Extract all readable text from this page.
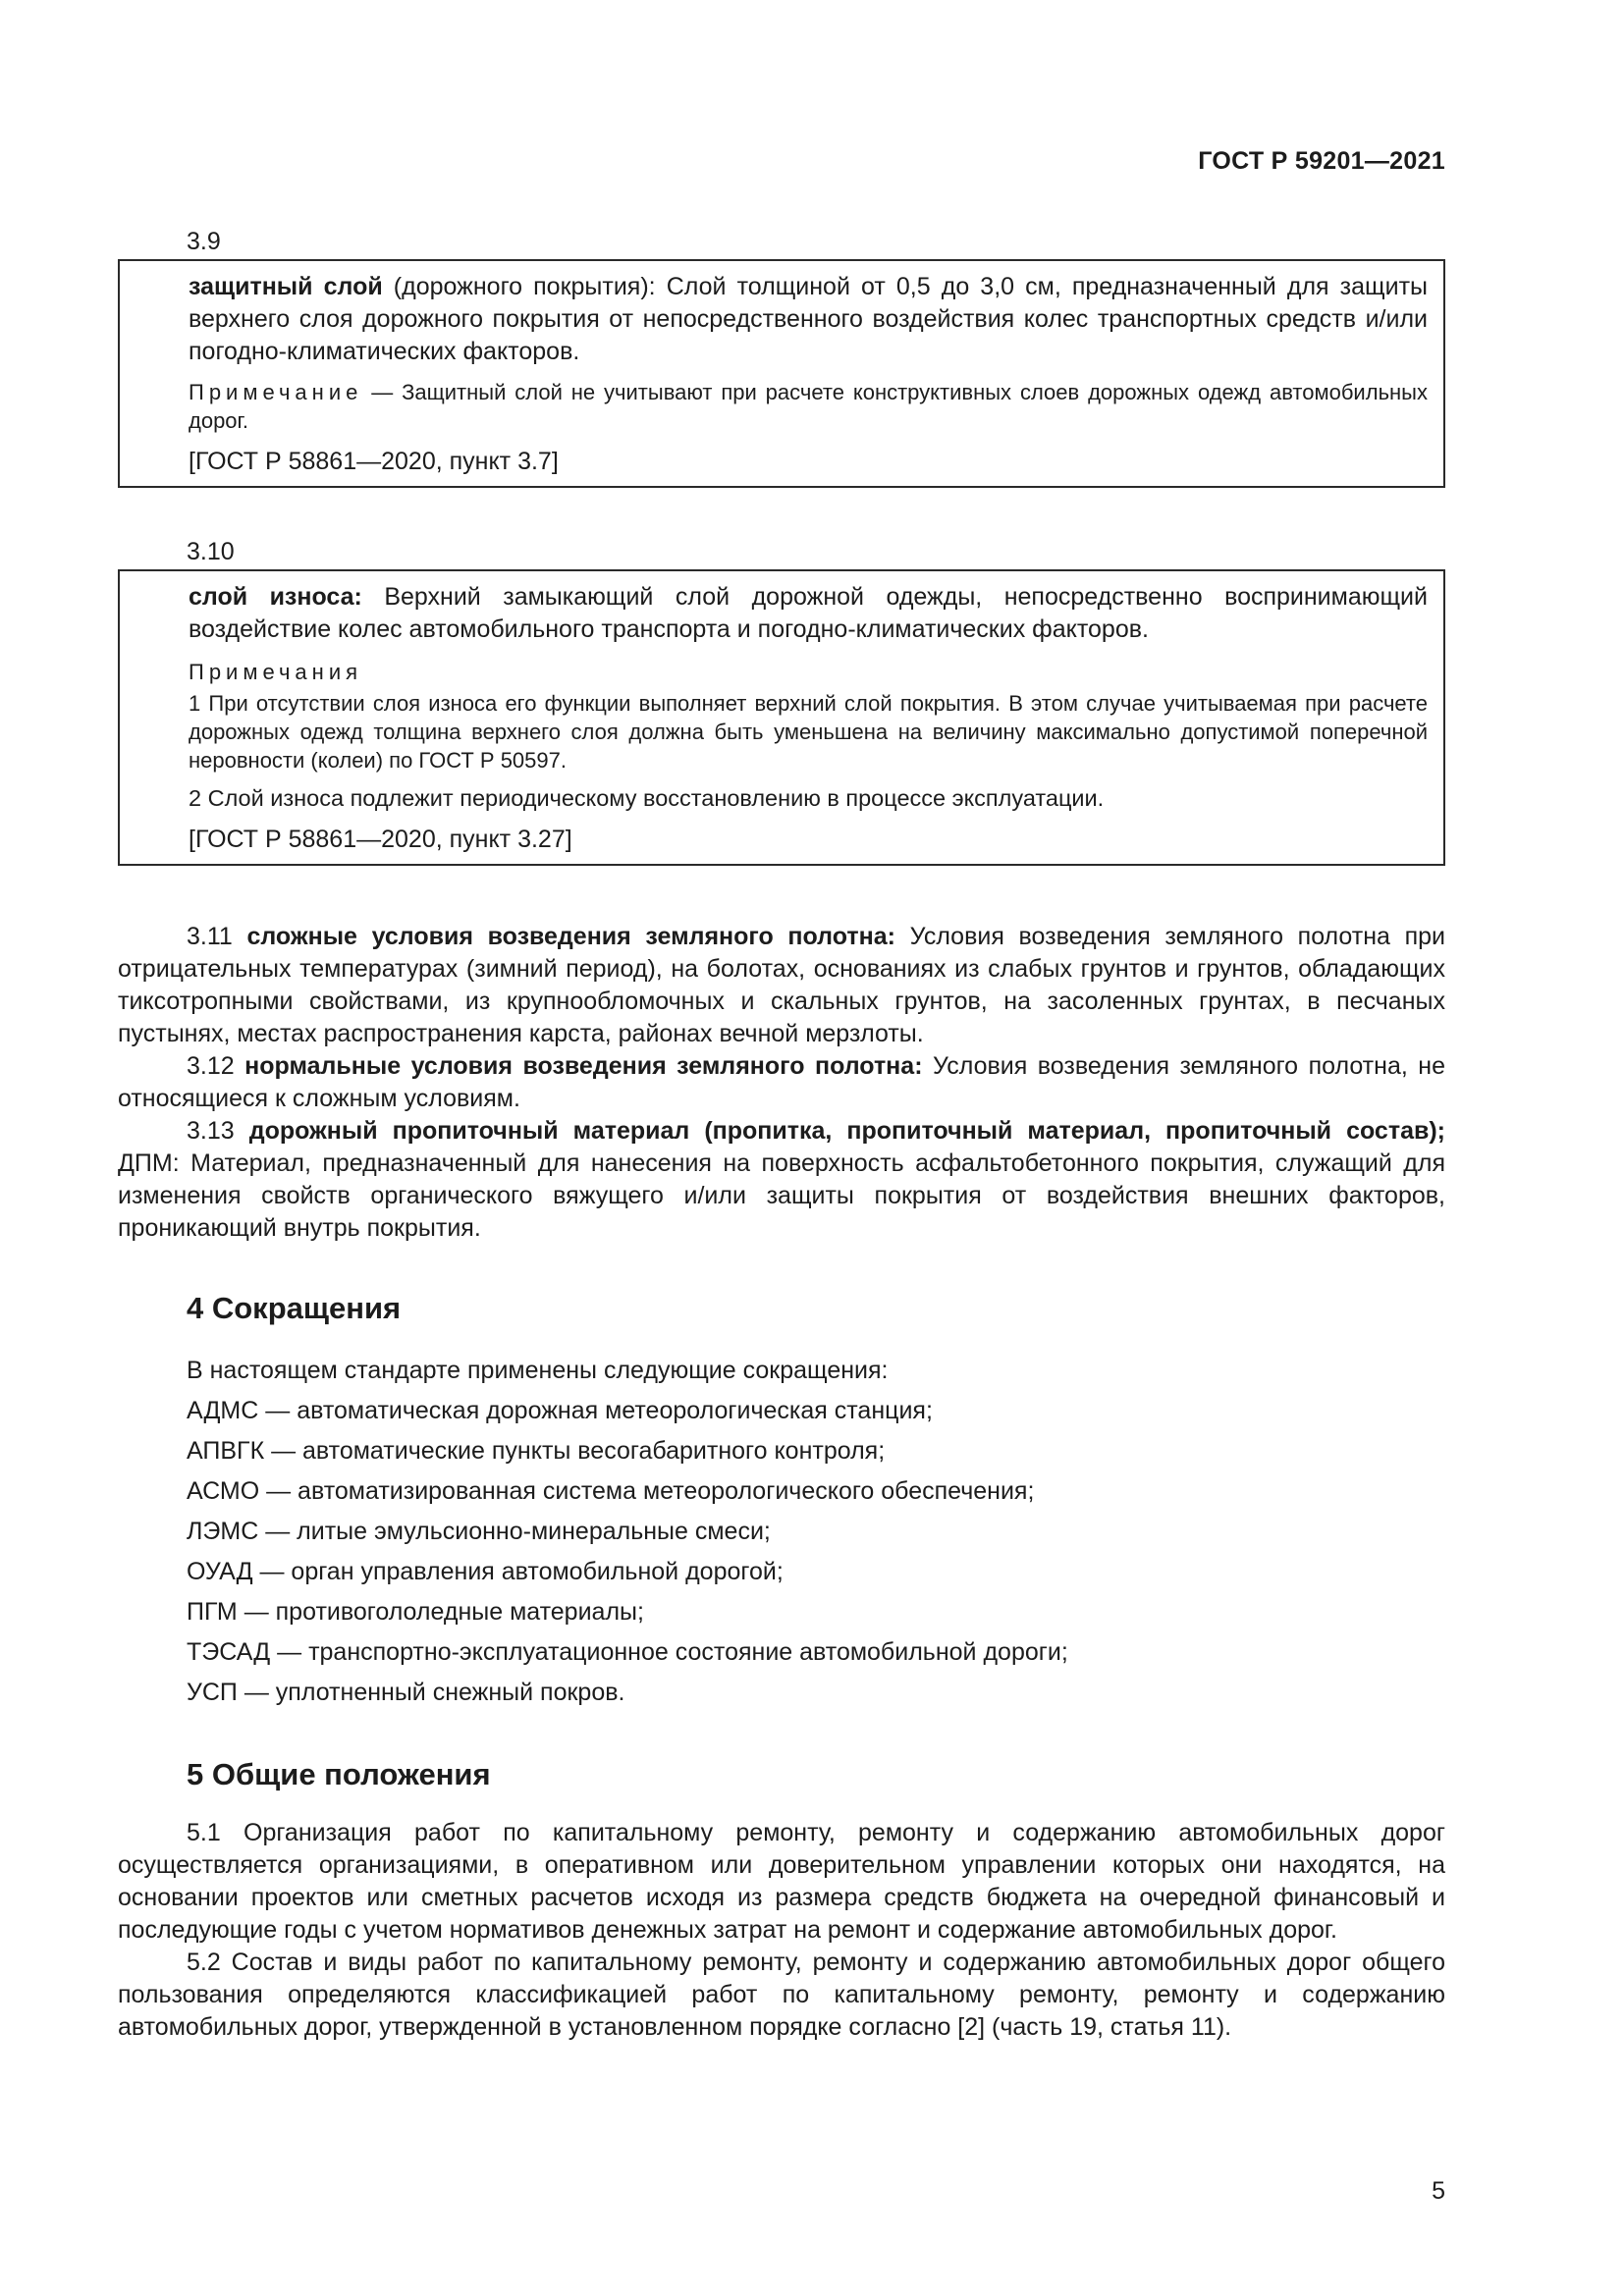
ГОСТ Р 59201—2021
3.9

защитный слой (дорожного покрытия): Слой толщиной от 0,5 до 3,0 см, предназначенный для защиты верхнего слоя дорожного покрытия от непосредственного воздействия колес транспортных средств и/или погодно-климатических факторов.

Примечание — Защитный слой не учитывают при расчете конструктивных слоев дорожных одежд автомобильных дорог.

[ГОСТ Р 58861—2020, пункт 3.7]

3.10

слой износа: Верхний замыкающий слой дорожной одежды, непосредственно воспринимающий воздействие колес автомобильного транспорта и погодно-климатических факторов.

Примечания

1 При отсутствии слоя износа его функции выполняет верхний слой покрытия. В этом случае учитываемая при расчете дорожных одежд толщина верхнего слоя должна быть уменьшена на величину максимально допустимой поперечной неровности (колеи) по ГОСТ Р 50597.

2 Слой износа подлежит периодическому восстановлению в процессе эксплуатации.

[ГОСТ Р 58861—2020, пункт 3.27]

3.11 сложные условия возведения земляного полотна: Условия возведения земляного полотна при отрицательных температурах (зимний период), на болотах, основаниях из слабых грунтов и грунтов, обладающих тиксотропными свойствами, из крупнообломочных и скальных грунтов, на засоленных грунтах, в песчаных пустынях, местах распространения карста, районах вечной мерзлоты.

3.12 нормальные условия возведения земляного полотна: Условия возведения земляного полотна, не относящиеся к сложным условиям.

3.13 дорожный пропиточный материал (пропитка, пропиточный материал, пропиточный состав); ДПМ: Материал, предназначенный для нанесения на поверхность асфальтобетонного покрытия, служащий для изменения свойств органического вяжущего и/или защиты покрытия от воздействия внешних факторов, проникающий внутрь покрытия.

4 Сокращения

В настоящем стандарте применены следующие сокращения:

АДМС — автоматическая дорожная метеорологическая станция;

АПВГК — автоматические пункты весогабаритного контроля;

АСМО — автоматизированная система метеорологического обеспечения;

ЛЭМС — литые эмульсионно-минеральные смеси;

ОУАД — орган управления автомобильной дорогой;

ПГМ — противогололедные материалы;

ТЭСАД — транспортно-эксплуатационное состояние автомобильной дороги;

УСП — уплотненный снежный покров.

5 Общие положения

5.1 Организация работ по капитальному ремонту, ремонту и содержанию автомобильных дорог осуществляется организациями, в оперативном или доверительном управлении которых они находятся, на основании проектов или сметных расчетов исходя из размера средств бюджета на очередной финансовый и последующие годы с учетом нормативов денежных затрат на ремонт и содержание автомобильных дорог.

5.2 Состав и виды работ по капитальному ремонту, ремонту и содержанию автомобильных дорог общего пользования определяются классификацией работ по капитальному ремонту, ремонту и содержанию автомобильных дорог, утвержденной в установленном порядке согласно [2] (часть 19, статья 11).

5
